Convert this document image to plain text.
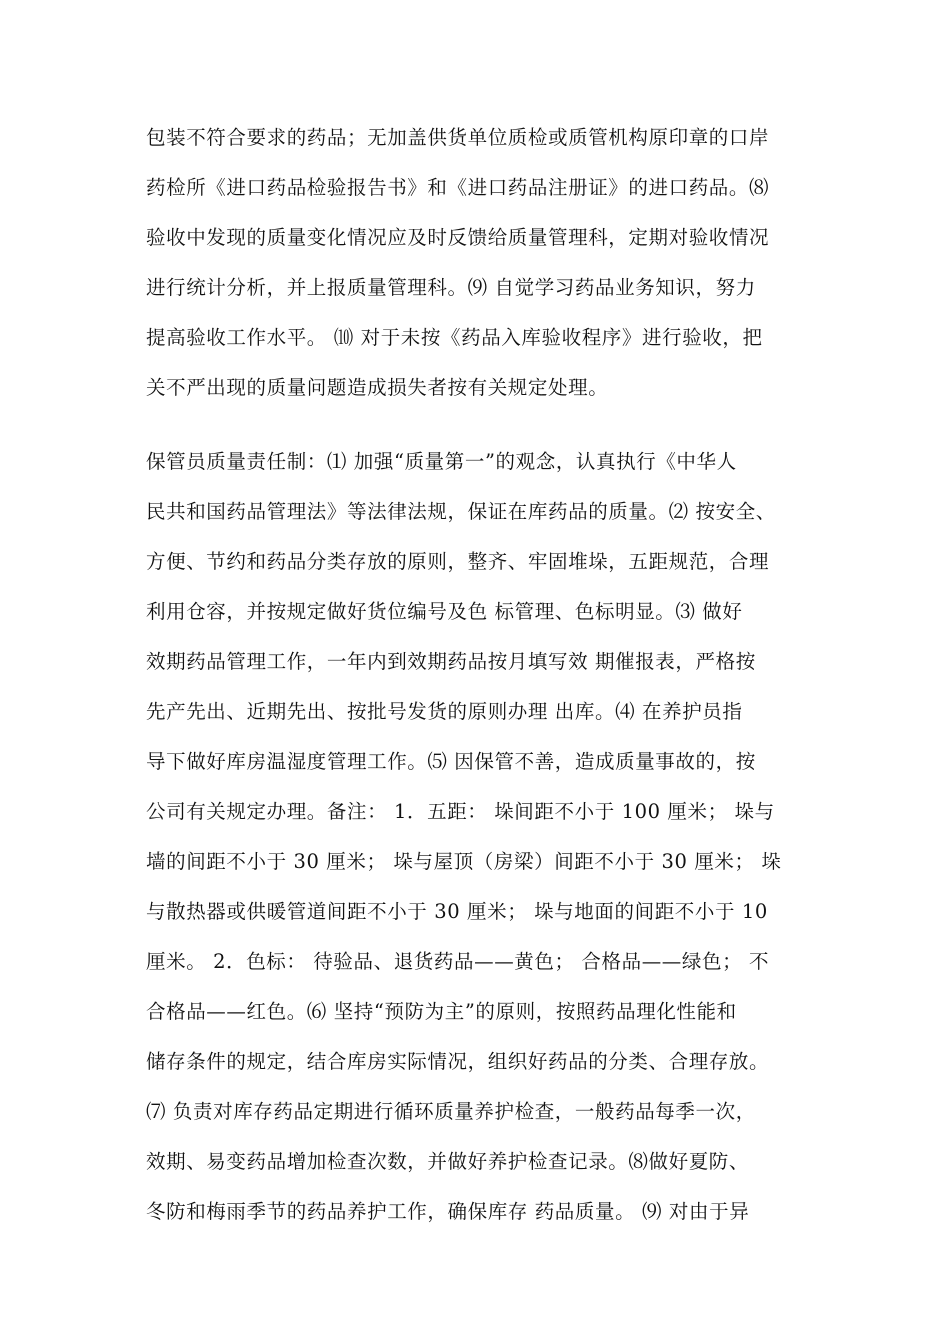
包装不符合要求的药品；无加盖供货单位质检或质管机构原印章的口岸
药检所《进口药品检验报告书》和《进口药品注册证》的进口药品。⑻
验收中发现的质量变化情况应及时反馈给质量管理科，定期对验收情况
进行统计分析，并上报质量管理科。⑼ 自觉学习药品业务知识，努力
提高验收工作水平。 ⑽ 对于未按《药品入库验收程序》进行验收，把
关不严出现的质量问题造成损失者按有关规定处理。
保管员质量责任制：⑴ 加强“质量第一”的观念，认真执行《中华人
民共和国药品管理法》等法律法规，保证在库药品的质量。⑵ 按安全、
方便、节约和药品分类存放的原则，整齐、牢固堆垛，五距规范，合理
利用仓容，并按规定做好货位编号及色 标管理、色标明显。⑶ 做好
效期药品管理工作，一年内到效期药品按月填写效 期催报表，严格按
先产先出、近期先出、按批号发货的原则办理 出库。⑷ 在养护员指
导下做好库房温湿度管理工作。⑸ 因保管不善，造成质量事故的，按
公司有关规定办理。备注： 1．五距： 垛间距不小于 100 厘米； 垛与
墙的间距不小于 30 厘米； 垛与屋顶（房梁）间距不小于 30 厘米； 垛
与散热器或供暖管道间距不小于 30 厘米； 垛与地面的间距不小于 10
厘米。 2．色标： 待验品、退货药品——黄色； 合格品——绿色； 不
合格品——红色。⑹ 坚持“预防为主”的原则，按照药品理化性能和
储存条件的规定，结合库房实际情况，组织好药品的分类、合理存放。
⑺ 负责对库存药品定期进行循环质量养护检查，一般药品每季一次，
效期、易变药品增加检查次数，并做好养护检查记录。⑻做好夏防、
冬防和梅雨季节的药品养护工作，确保库存 药品质量。 ⑼ 对由于异
